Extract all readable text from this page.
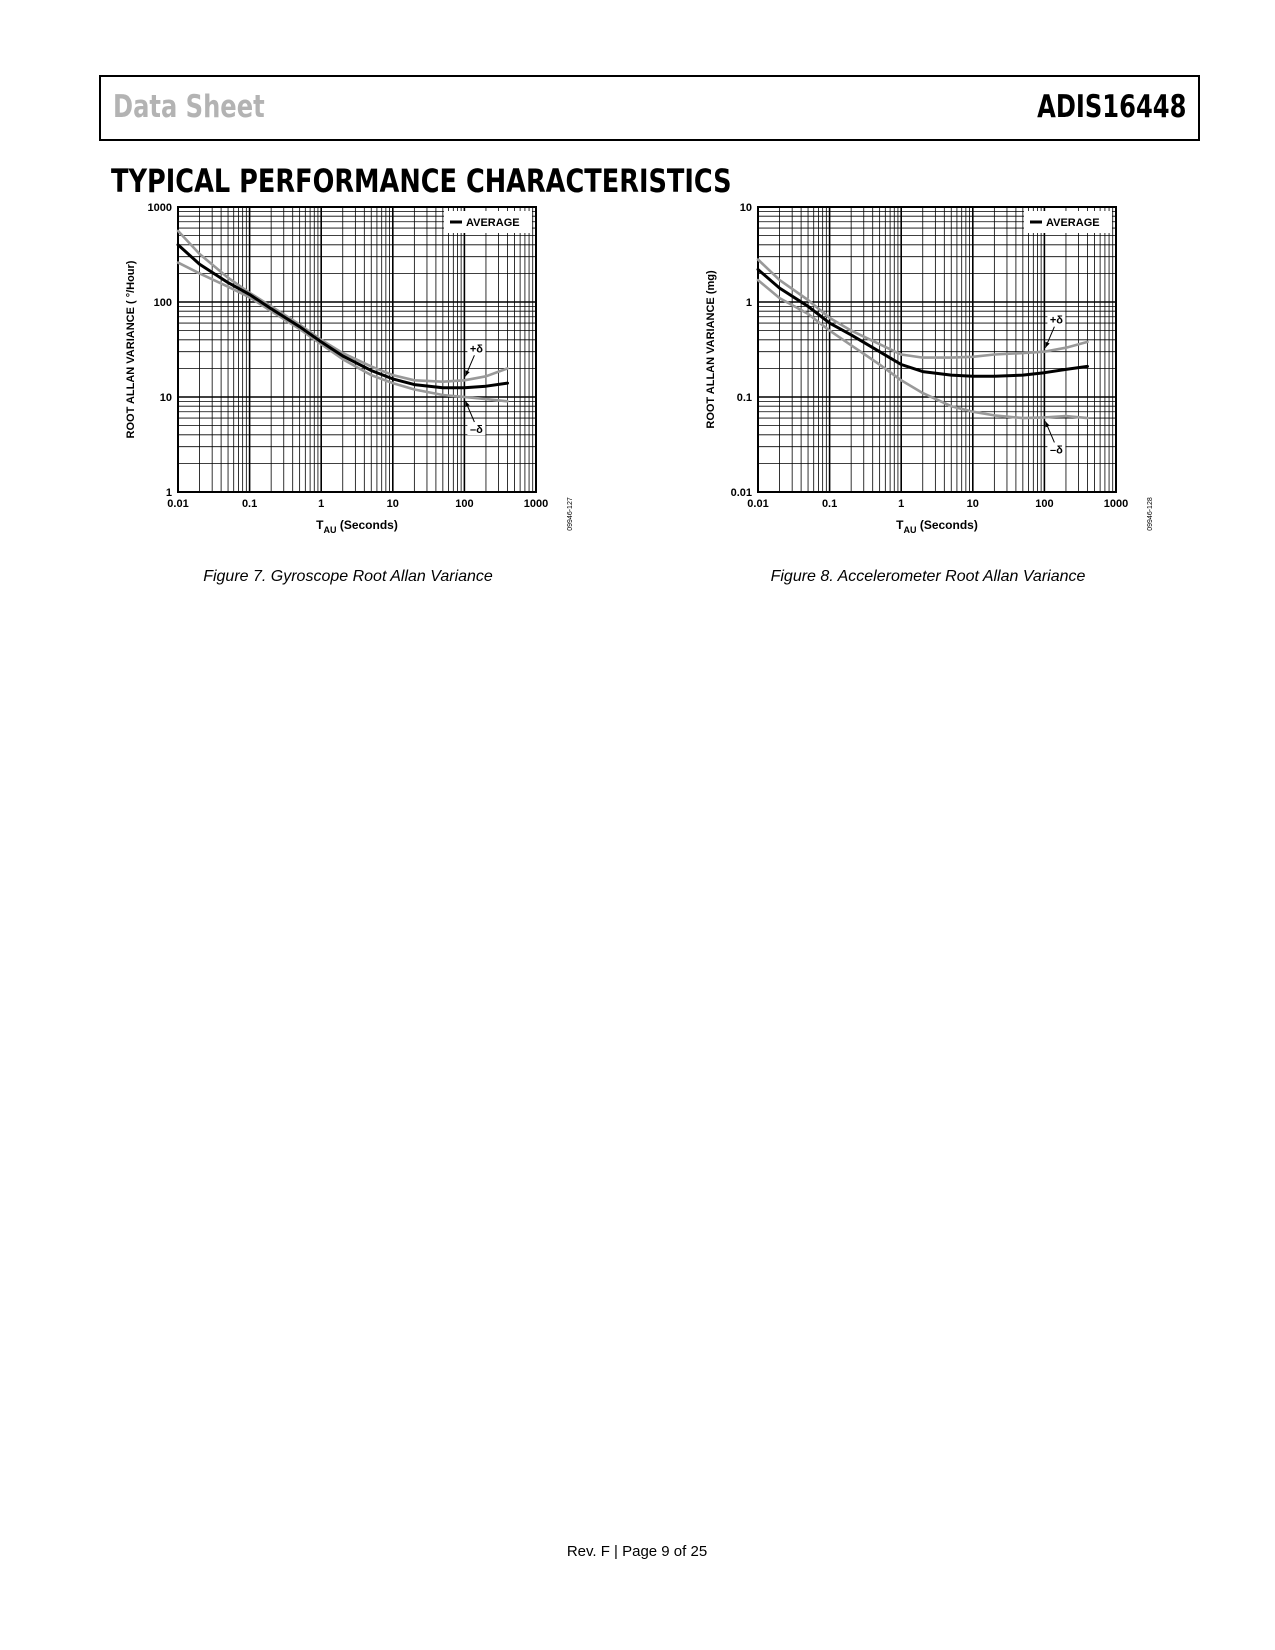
Data Sheet	ADIS16448
TYPICAL PERFORMANCE CHARACTERISTICS
0.01	0.1	1	10	100	1000
1
10
100
1000
$T_{AU}$ (Seconds)
ROOT ALLAN VARIANCE ( °/Hour)
09946-127
AVERAGE
+δ
–δ
Figure 7. Gyroscope Root Allan Variance
0.01	0.1	1	10	100	1000
0.01
0.1
1
10
$T_{AU}$ (Seconds)
ROOT ALLAN VARIANCE (mg)
09946-128
AVERAGE
+δ
–δ
Figure 8. Accelerometer Root Allan Variance
Rev. F | Page 9 of 25
